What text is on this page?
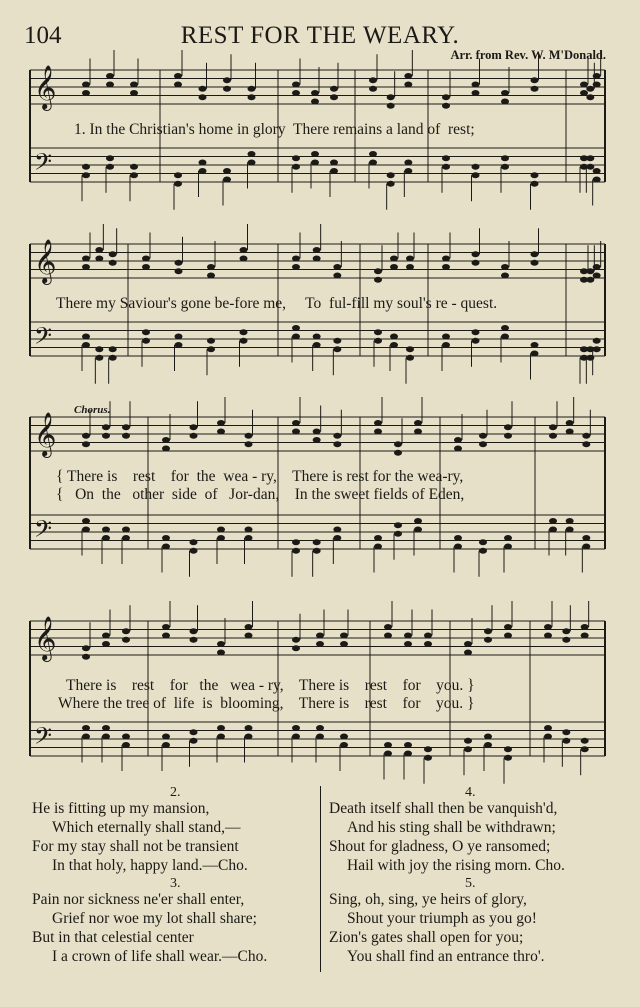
104	REST FOR THE WEARY.
Arr. from Rev. W. M'Donald.
𝄞
𝄢
𝄞
𝄢
𝄞
𝄢
𝄞
𝄢
Chorus.
1. In the Christian's home in glory  There remains a land of  rest;
There my Saviour's gone be-fore me,     To  ful-fill my soul's re - quest.
{ There is    rest    for  the  wea - ry,    There is rest for the wea-ry,
{   On  the   other  side  of   Jor-dan,    In the sweet fields of Eden,
There is    rest    for   the   wea - ry,    There is    rest    for    you. }
Where the tree of  life  is  blooming,    There is    rest    for    you. }
2.
He is fitting up my mansion,
Which eternally shall stand,—
For my stay shall not be transient
In that holy, happy land.—Cho.
3.
Pain nor sickness ne'er shall enter,
Grief nor woe my lot shall share;
But in that celestial center
I a crown of life shall wear.—Cho.
4.
Death itself shall then be vanquish'd,
And his sting shall be withdrawn;
Shout for gladness, O ye ransomed;
Hail with joy the rising morn. Cho.
5.
Sing, oh, sing, ye heirs of glory,
Shout your triumph as you go!
Zion's gates shall open for you;
You shall find an entrance thro'.
